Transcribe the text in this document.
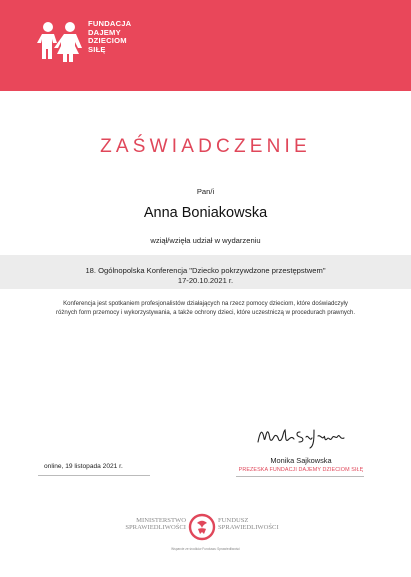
FUNDACJA
DAJEMY
DZIECIOM
SIŁĘ
ZAŚWIADCZENIE
Pan/i
Anna Boniakowska
wziął/wzięła udział w wydarzeniu
18. Ogólnopolska Konferencja "Dziecko pokrzywdzone przestępstwem"
17-20.10.2021 r.
Konferencja jest spotkaniem profesjonalistów działających na rzecz pomocy dzieciom, które doświadczyły różnych form przemocy i wykorzystywania, a także ochrony dzieci, które uczestniczą w procedurach prawnych.
Monika Sajkowska
PREZESKA FUNDACJI DAJEMY DZIECIOM SIŁĘ
online, 19 listopada 2021 r.
MINISTERSTWO
SPRAWIEDLIWOŚCI
FUNDUSZ
SPRAWIEDLIWOŚCI
Wsparcie ze środków Funduszu Sprawiedliwości
